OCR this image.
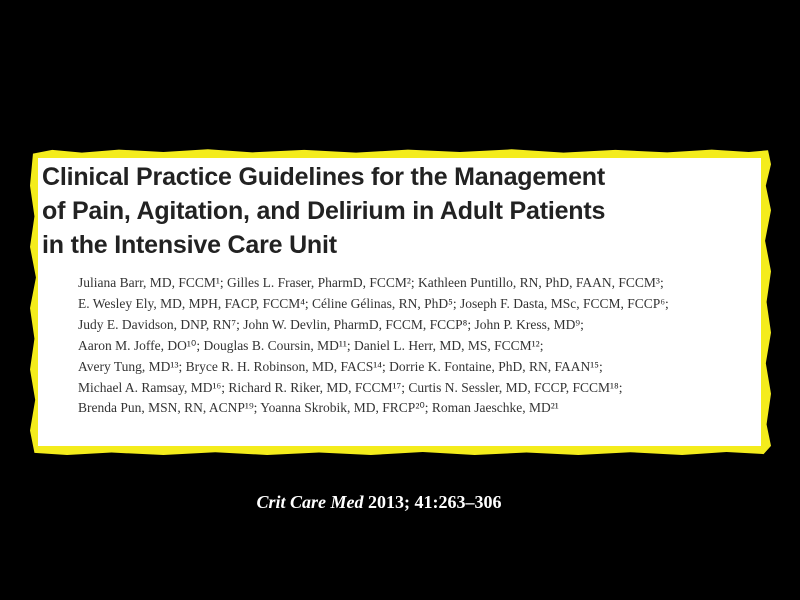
Clinical Practice Guidelines for the Management
of Pain, Agitation, and Delirium in Adult Patients
in the Intensive Care Unit
Juliana Barr, MD, FCCM¹; Gilles L. Fraser, PharmD, FCCM²; Kathleen Puntillo, RN, PhD, FAAN, FCCM³;
E. Wesley Ely, MD, MPH, FACP, FCCM⁴; Céline Gélinas, RN, PhD⁵; Joseph F. Dasta, MSc, FCCM, FCCP⁶;
Judy E. Davidson, DNP, RN⁷; John W. Devlin, PharmD, FCCM, FCCP⁸; John P. Kress, MD⁹;
Aaron M. Joffe, DO¹⁰; Douglas B. Coursin, MD¹¹; Daniel L. Herr, MD, MS, FCCM¹²;
Avery Tung, MD¹³; Bryce R. H. Robinson, MD, FACS¹⁴; Dorrie K. Fontaine, PhD, RN, FAAN¹⁵;
Michael A. Ramsay, MD¹⁶; Richard R. Riker, MD, FCCM¹⁷; Curtis N. Sessler, MD, FCCP, FCCM¹⁸;
Brenda Pun, MSN, RN, ACNP¹⁹; Yoanna Skrobik, MD, FRCP²⁰; Roman Jaeschke, MD²¹
Crit Care Med 2013; 41:263–306
